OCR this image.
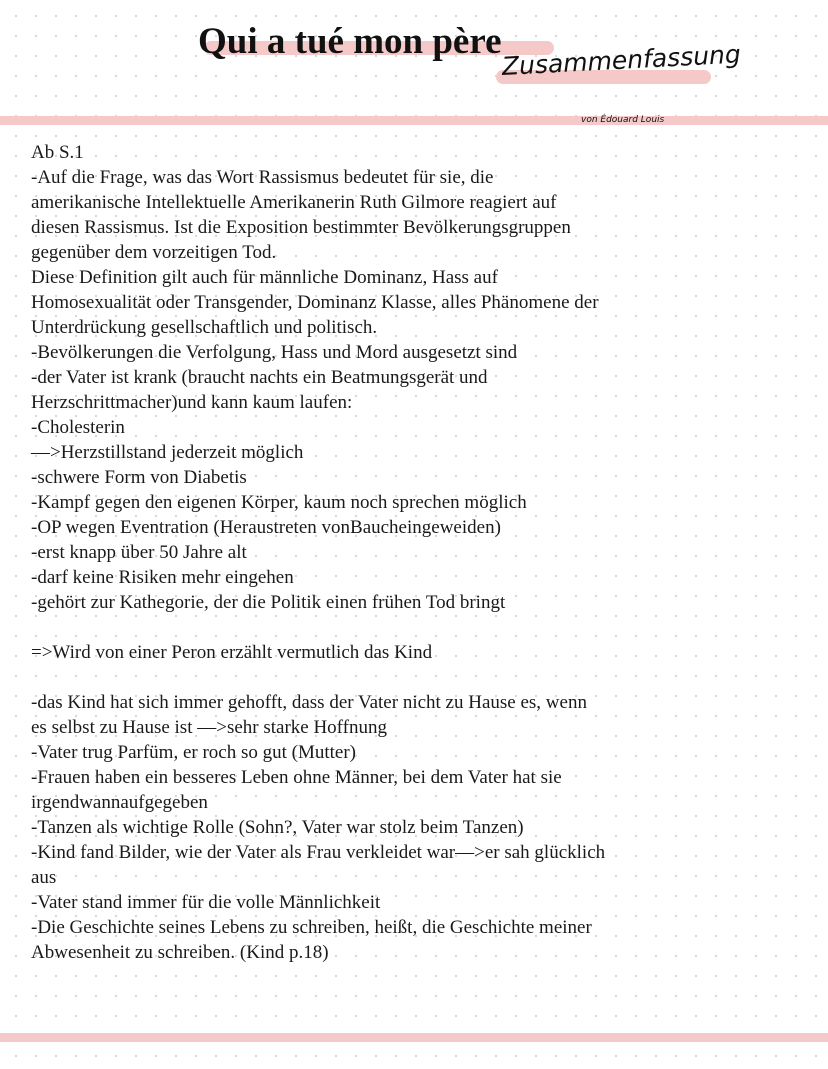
Qui a tué mon père Zusammenfassung
von Édouard Louis
Ab S.1
-Auf die Frage, was das Wort Rassismus bedeutet für sie, die
amerikanische Intellektuelle Amerikanerin Ruth Gilmore reagiert auf
diesen Rassismus. Ist die Exposition bestimmter Bevölkerungsgruppen
gegenüber dem vorzeitigen Tod.
Diese Definition gilt auch für männliche Dominanz, Hass auf
Homosexualität oder Transgender, Dominanz Klasse, alles Phänomene der
Unterdrückung gesellschaftlich und politisch.
-Bevölkerungen die Verfolgung, Hass und Mord ausgesetzt sind
-der Vater ist krank (braucht nachts ein Beatmungsgerät und
Herzschrittmacher)und kann kaum laufen:
-Cholesterin
—>Herzstillstand jederzeit möglich
-schwere Form von Diabetis
-Kampf gegen den eigenen Körper, kaum noch sprechen möglich
-OP wegen Eventration (Heraustreten vonBaucheingeweiden)
-erst knapp über 50 Jahre alt
-darf keine Risiken mehr eingehen
-gehört zur Kathegorie, der die Politik einen frühen Tod bringt
=>Wird von einer Peron erzählt vermutlich das Kind
-das Kind hat sich immer gehofft, dass der Vater nicht zu Hause es, wenn
es selbst zu Hause ist —>sehr starke Hoffnung
-Vater trug Parfüm, er roch so gut (Mutter)
-Frauen haben ein besseres Leben ohne Männer, bei dem Vater hat sie
irgendwannaufgegeben
-Tanzen als wichtige Rolle (Sohn?, Vater war stolz beim Tanzen)
-Kind fand Bilder, wie der Vater als Frau verkleidet war—>er sah glücklich
aus
-Vater stand immer für die volle Männlichkeit
-Die Geschichte seines Lebens zu schreiben, heißt, die Geschichte meiner
Abwesenheit zu schreiben. (Kind p.18)
